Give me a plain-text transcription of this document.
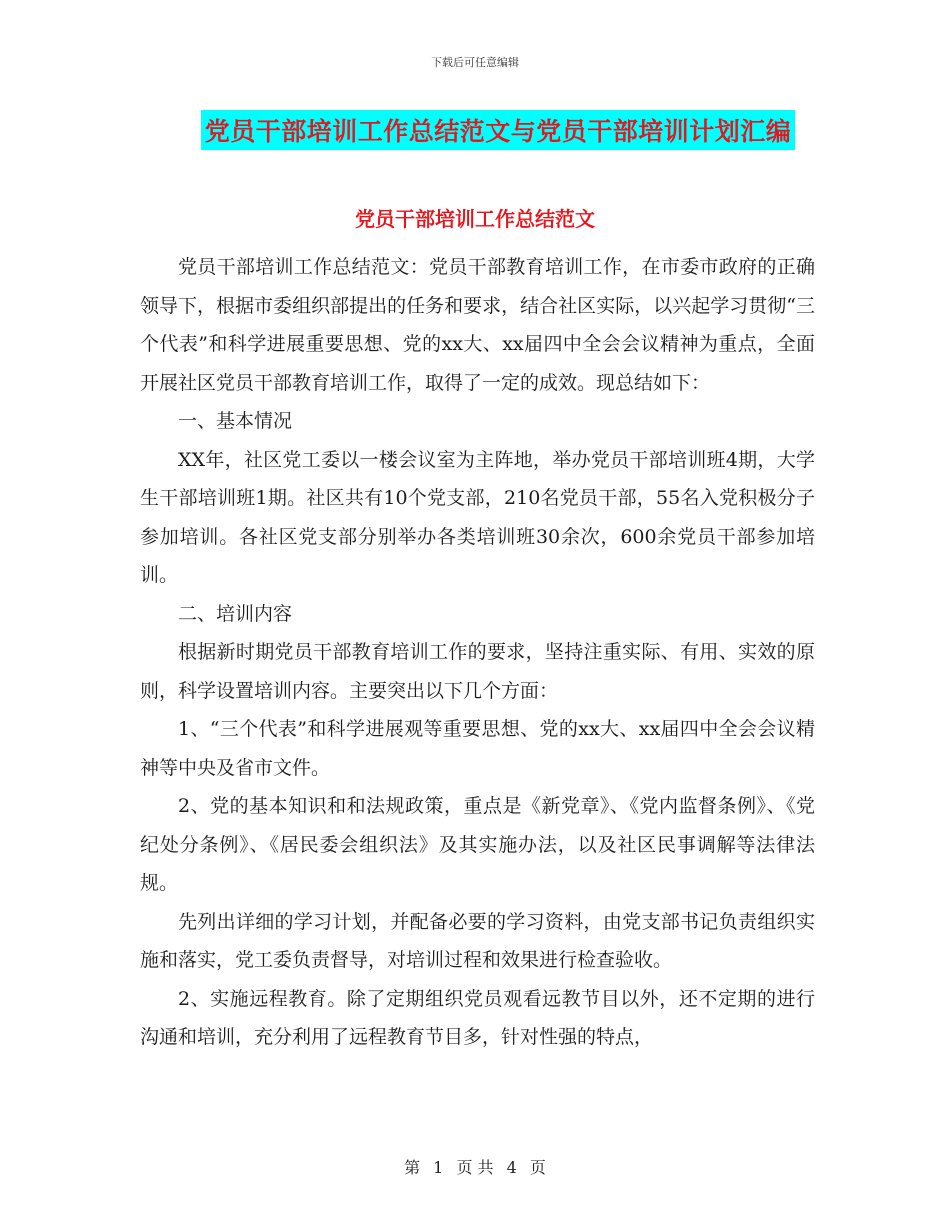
下载后可任意编辑
党员干部培训工作总结范文与党员干部培训计划汇编
党员干部培训工作总结范文

党员干部培训工作总结范文：党员干部教育培训工作，在市委市政府的正确领导下，根据市委组织部提出的任务和要求，结合社区实际，以兴起学习贯彻“三个代表”和科学进展重要思想、党的xx大、xx届四中全会会议精神为重点，全面开展社区党员干部教育培训工作，取得了一定的成效。现总结如下：

一、基本情况

XX年，社区党工委以一楼会议室为主阵地，举办党员干部培训班4期，大学生干部培训班1期。社区共有10个党支部，210名党员干部，55名入党积极分子参加培训。各社区党支部分别举办各类培训班30余次，600余党员干部参加培训。

二、培训内容

根据新时期党员干部教育培训工作的要求，坚持注重实际、有用、实效的原则，科学设置培训内容。主要突出以下几个方面：

1、“三个代表”和科学进展观等重要思想、党的xx大、xx届四中全会会议精神等中央及省市文件。

2、党的基本知识和和法规政策，重点是《新党章》、《党内监督条例》、《党纪处分条例》、《居民委会组织法》及其实施办法，以及社区民事调解等法律法规。

先列出详细的学习计划，并配备必要的学习资料，由党支部书记负责组织实施和落实，党工委负责督导，对培训过程和效果进行检查验收。

2、实施远程教育。除了定期组织党员观看远教节目以外，还不定期的进行沟通和培训，充分利用了远程教育节目多，针对性强的特点，

第 1 页 共 4 页
